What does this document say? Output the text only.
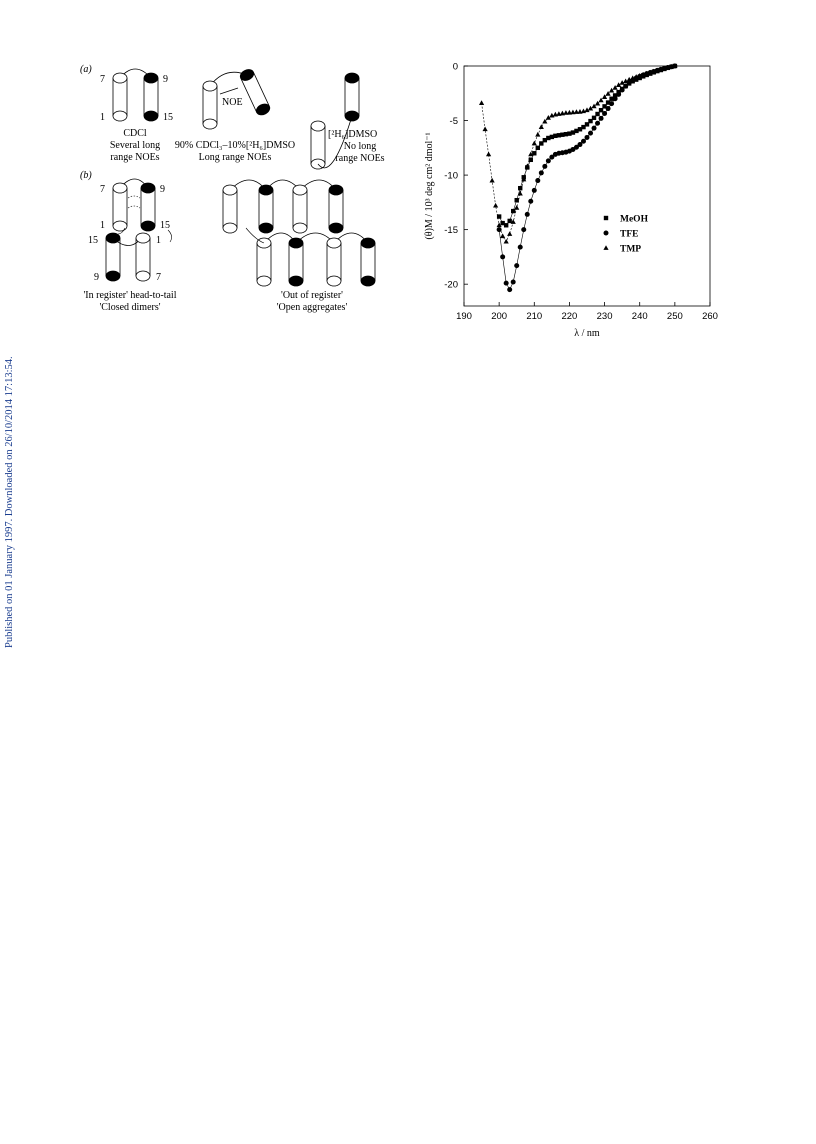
Published on 01 January 1997. Downloaded on 26/10/2014 17:13:54.
(a)
7	9
1	15
CDCl
Several long
range NOEs
NOE
90% CDCl₃–10%[²H₆]DMSO
Long range NOEs
[²H₆]DMSO
No long
range NOEs
(b)
7	9
1	15
15	1
9	7
'In register' head-to-tail
'Closed dimers'
'Out of register'
'Open aggregates'
190 200 210 220 230 240 250 260
0
-5
-10
-15
-20
MeOH
TFE
TMP
λ / nm
(θ)M / 10³ deg cm² dmol⁻¹
